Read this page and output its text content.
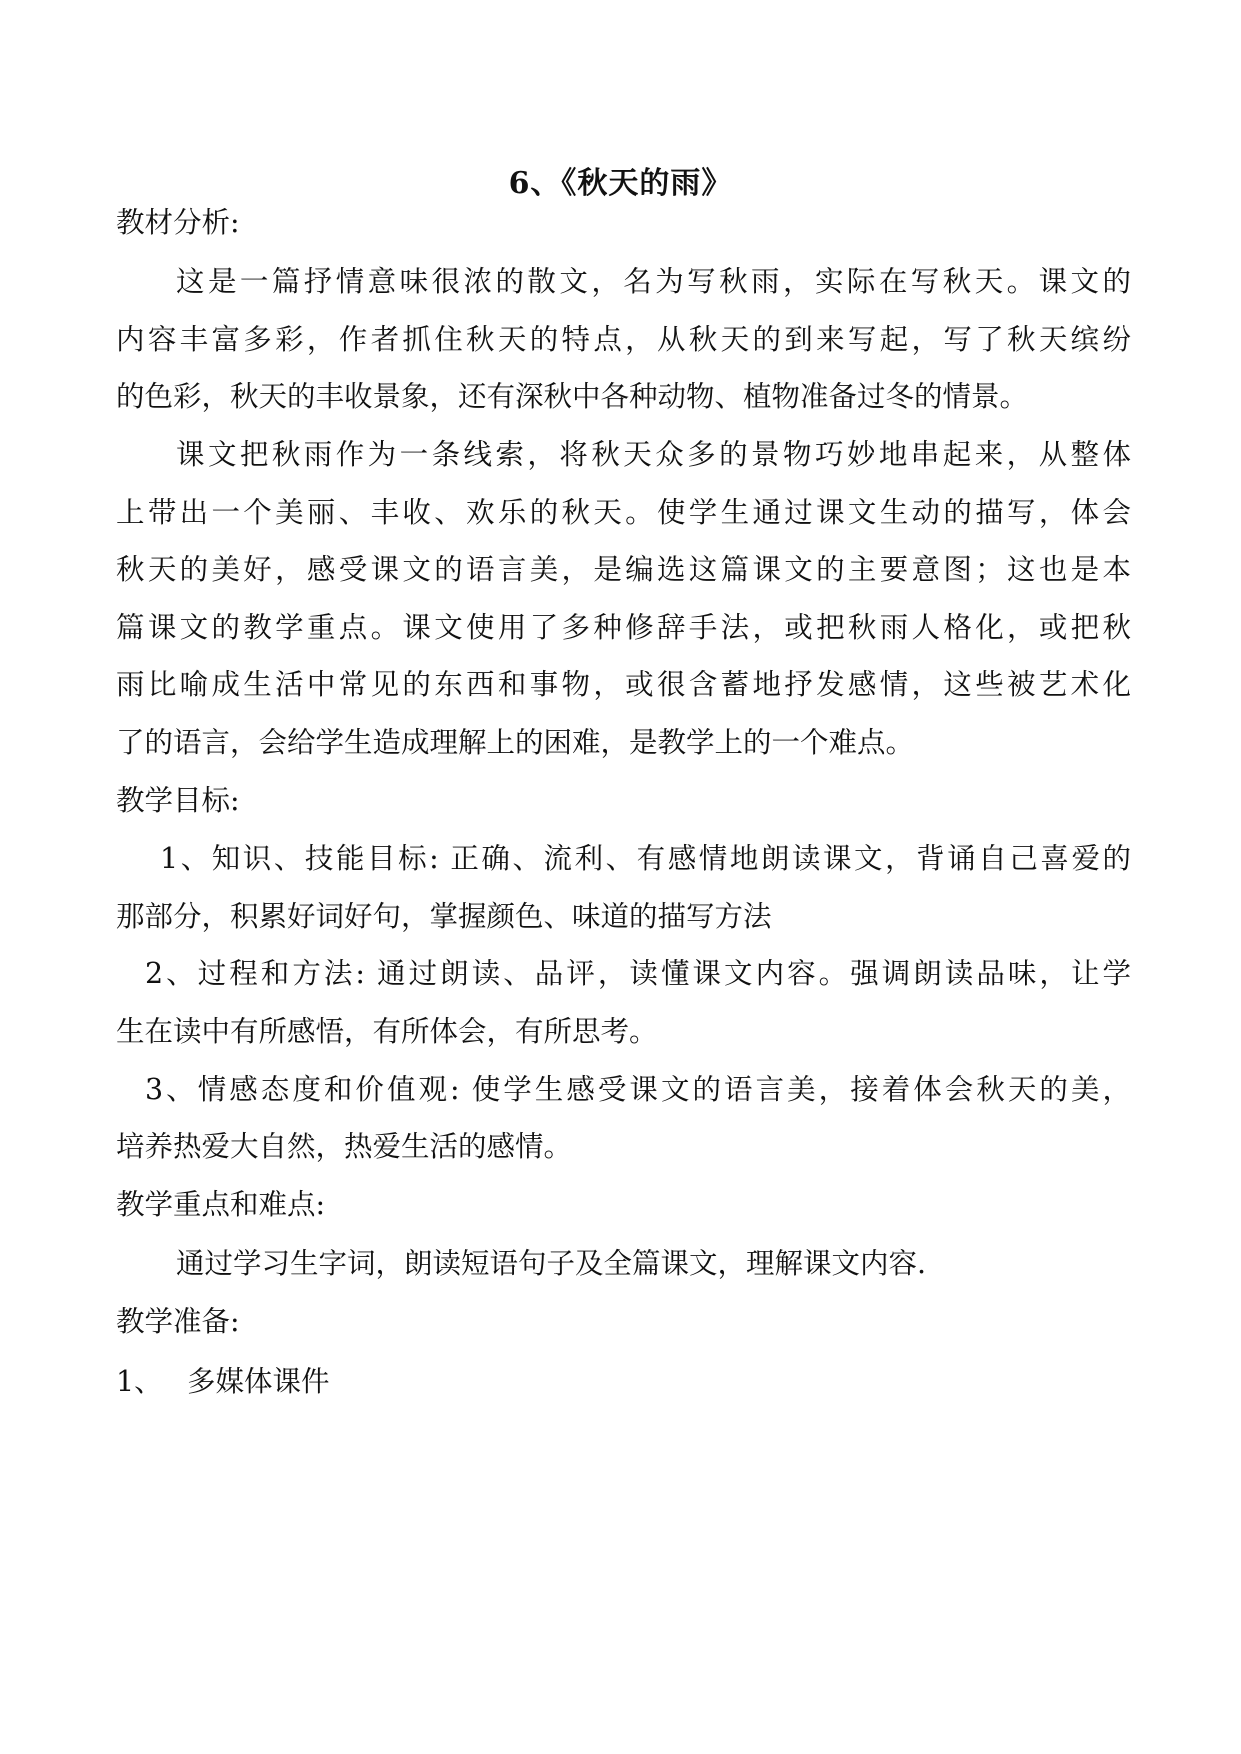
6、《秋天的雨》
教材分析:
这是一篇抒情意味很浓的散文，名为写秋雨，实际在写秋天。课文的
内容丰富多彩，作者抓住秋天的特点，从秋天的到来写起，写了秋天缤纷
的色彩，秋天的丰收景象，还有深秋中各种动物、植物准备过冬的情景。
课文把秋雨作为一条线索，将秋天众多的景物巧妙地串起来，从整体
上带出一个美丽、丰收、欢乐的秋天。使学生通过课文生动的描写，体会
秋天的美好，感受课文的语言美，是编选这篇课文的主要意图；这也是本
篇课文的教学重点。课文使用了多种修辞手法，或把秋雨人格化，或把秋
雨比喻成生活中常见的东西和事物，或很含蓄地抒发感情，这些被艺术化
了的语言，会给学生造成理解上的困难，是教学上的一个难点。
教学目标:
1、知识、技能目标: 正确、流利、有感情地朗读课文，背诵自己喜爱的
那部分，积累好词好句，掌握颜色、味道的描写方法
2、过程和方法: 通过朗读、品评，读懂课文内容。强调朗读品味，让学
生在读中有所感悟，有所体会，有所思考。
3、情感态度和价值观: 使学生感受课文的语言美，接着体会秋天的美，
培养热爱大自然，热爱生活的感情。
教学重点和难点:
通过学习生字词，朗读短语句子及全篇课文，理解课文内容.
教学准备:
1、 多媒体课件
